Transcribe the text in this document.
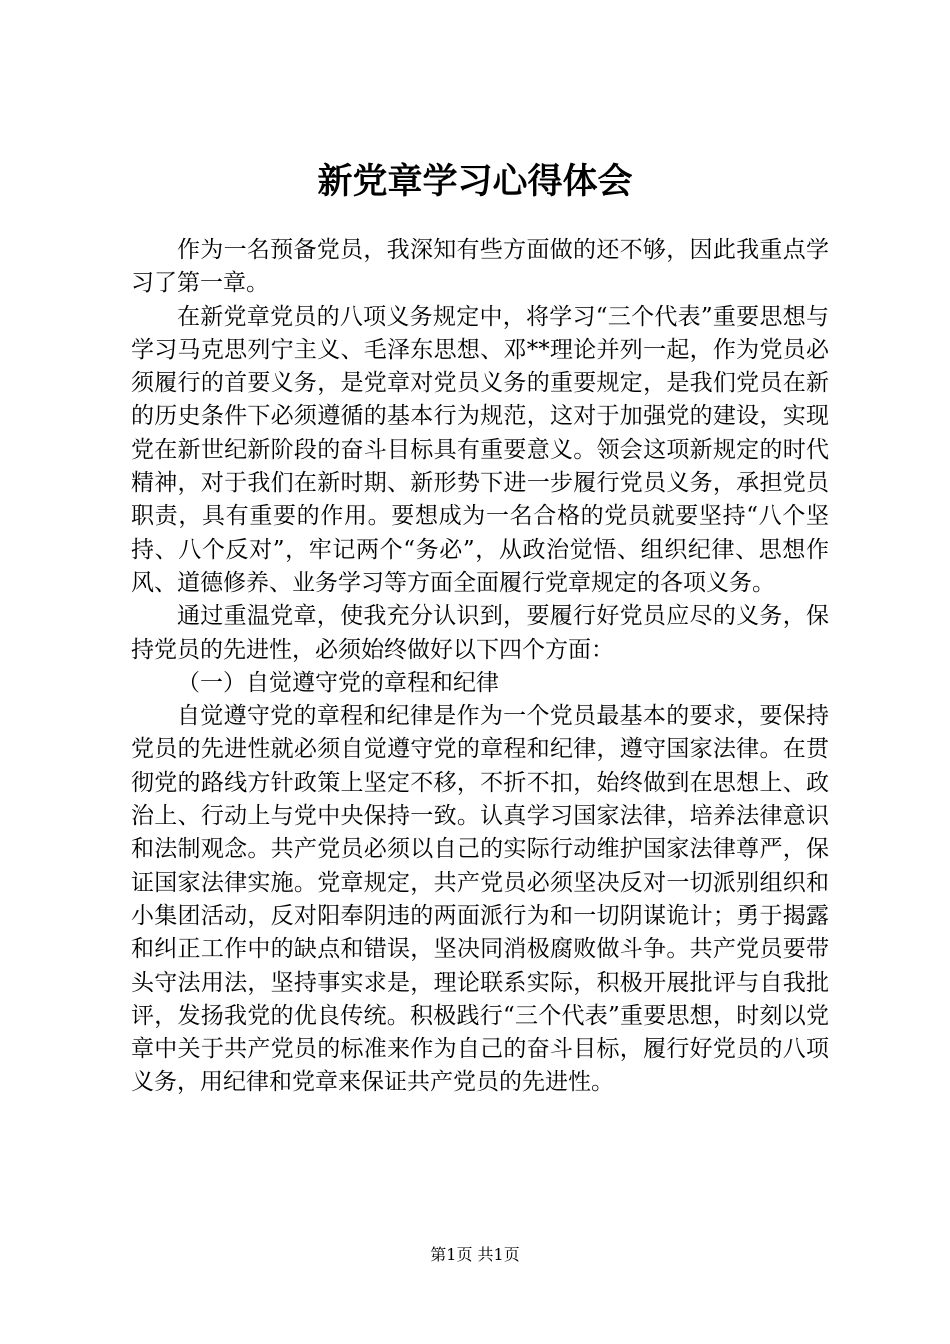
新党章学习心得体会

作为一名预备党员，我深知有些方面做的还不够，因此我重点学习了第一章。

在新党章党员的八项义务规定中，将学习“三个代表”重要思想与学习马克思列宁主义、毛泽东思想、邓**理论并列一起，作为党员必须履行的首要义务，是党章对党员义务的重要规定，是我们党员在新的历史条件下必须遵循的基本行为规范，这对于加强党的建设，实现党在新世纪新阶段的奋斗目标具有重要意义。领会这项新规定的时代精神，对于我们在新时期、新形势下进一步履行党员义务，承担党员职责，具有重要的作用。要想成为一名合格的党员就要坚持“八个坚持、八个反对”，牢记两个“务必”，从政治觉悟、组织纪律、思想作风、道德修养、业务学习等方面全面履行党章规定的各项义务。

通过重温党章，使我充分认识到，要履行好党员应尽的义务，保持党员的先进性，必须始终做好以下四个方面：

（一）自觉遵守党的章程和纪律

自觉遵守党的章程和纪律是作为一个党员最基本的要求，要保持党员的先进性就必须自觉遵守党的章程和纪律，遵守国家法律。在贯彻党的路线方针政策上坚定不移，不折不扣，始终做到在思想上、政治上、行动上与党中央保持一致。认真学习国家法律，培养法律意识和法制观念。共产党员必须以自己的实际行动维护国家法律尊严，保证国家法律实施。党章规定，共产党员必须坚决反对一切派别组织和小集团活动，反对阳奉阴违的两面派行为和一切阴谋诡计；勇于揭露和纠正工作中的缺点和错误，坚决同消极腐败做斗争。共产党员要带头守法用法，坚持事实求是，理论联系实际，积极开展批评与自我批评，发扬我党的优良传统。积极践行“三个代表”重要思想，时刻以党章中关于共产党员的标准来作为自己的奋斗目标，履行好党员的八项义务，用纪律和党章来保证共产党员的先进性。

第1页 共1页
